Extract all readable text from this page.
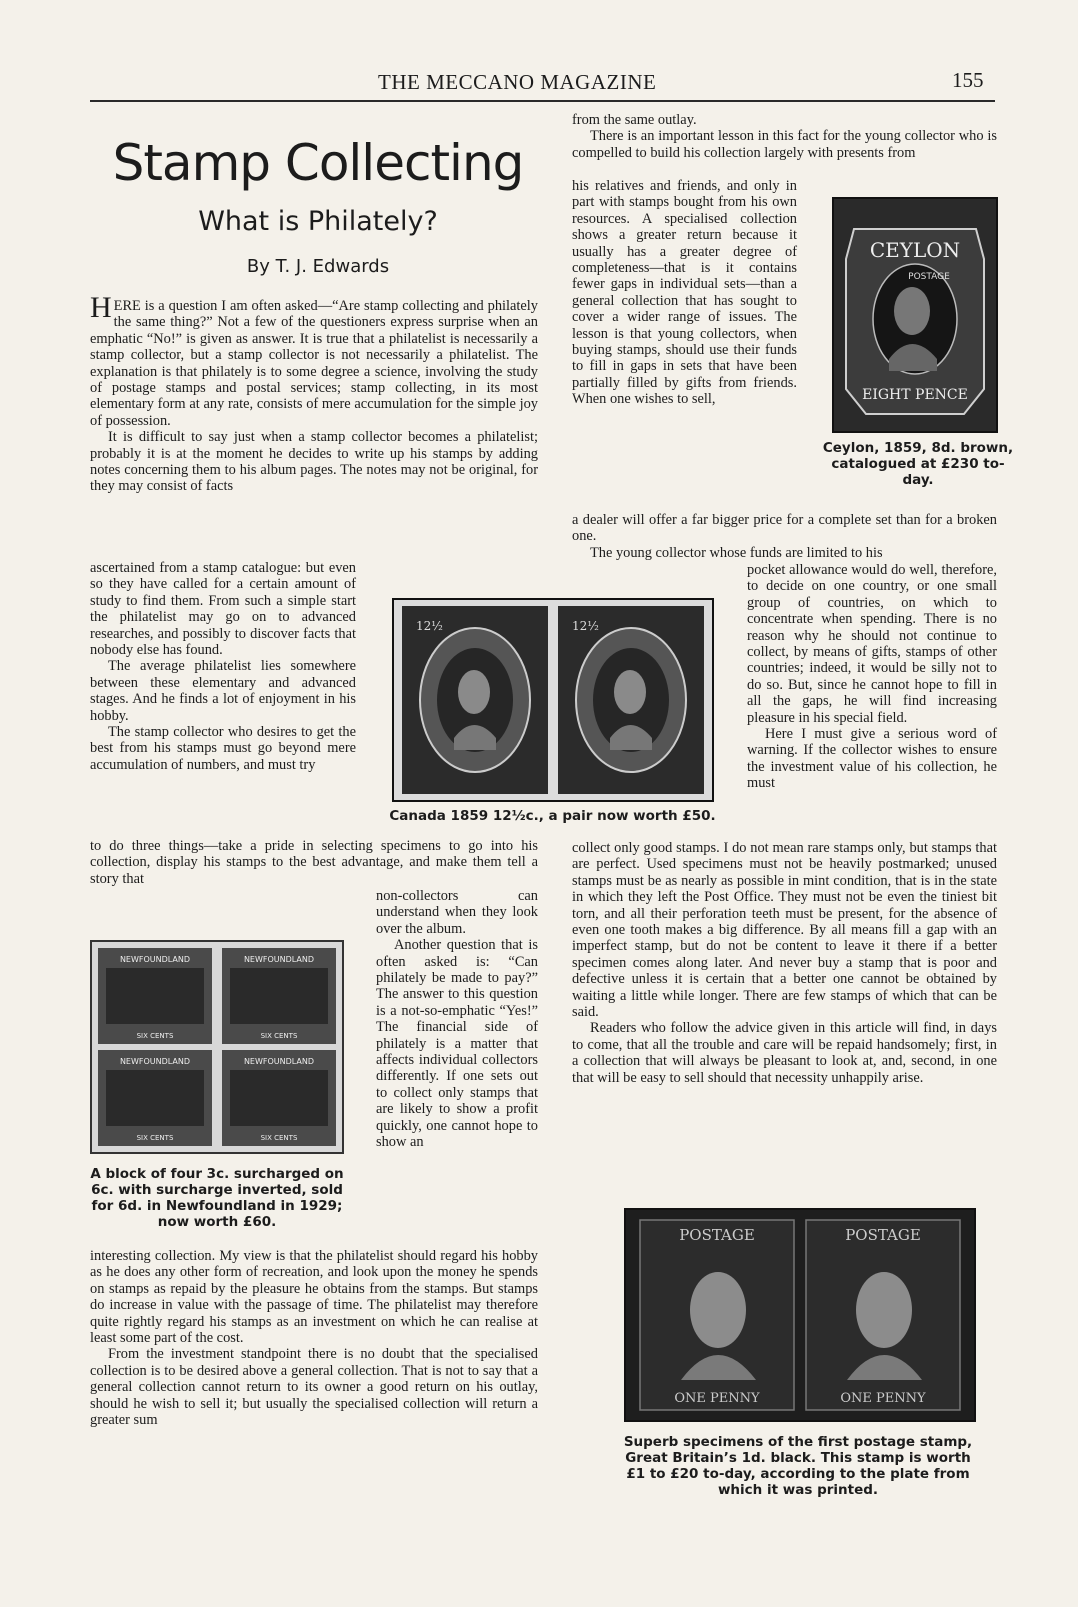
THE MECCANO MAGAZINE	155
Stamp Collecting
What is Philately?
By T. J. Edwards

HERE is a question I am often asked—“Are stamp collecting and philately the same thing?” Not a few of the questioners express surprise when an emphatic “No!” is given as answer. It is true that a philatelist is necessarily a stamp collector, but a stamp collector is not necessarily a philatelist. The explanation is that philately is to some degree a science, involving the study of postage stamps and postal services; stamp collecting, in its most elementary form at any rate, consists of mere accumulation for the simple joy of possession.

It is difficult to say just when a stamp collector becomes a philatelist; probably it is at the moment he decides to write up his stamps by adding notes concerning them to his album pages. The notes may not be original, for they may consist of facts

ascertained from a stamp catalogue: but even so they have called for a certain amount of study to find them. From such a simple start the philatelist may go on to advanced researches, and possibly to discover facts that nobody else has found.

The average philatelist lies somewhere between these elementary and advanced stages. And he finds a lot of enjoyment in his hobby.

The stamp collector who desires to get the best from his stamps must go beyond mere accumulation of numbers, and must try

to do three things—take a pride in selecting specimens to go into his collection, display his stamps to the best advantage, and make them tell a story that

non-collectors can understand when they look over the album.

Another question that is often asked is: “Can philately be made to pay?” The answer to this question is a not-so-emphatic “Yes!” The financial side of philately is a matter that affects individual collectors differently. If one sets out to collect only stamps that are likely to show a profit quickly, one cannot hope to show an

interesting collection. My view is that the philatelist should regard his hobby as he does any other form of recreation, and look upon the money he spends on stamps as repaid by the pleasure he obtains from the stamps. But stamps do increase in value with the passage of time. The philatelist may therefore quite rightly regard his stamps as an investment on which he can realise at least some part of the cost.

From the investment standpoint there is no doubt that the specialised collection is to be desired above a general collection. That is not to say that a general collection cannot return to its owner a good return on his outlay, should he wish to sell it; but usually the specialised collection will return a greater sum

from the same outlay.

There is an important lesson in this fact for the young collector who is compelled to build his collection largely with presents from

his relatives and friends, and only in part with stamps bought from his own resources. A specialised collection shows a greater return because it usually has a greater degree of completeness—that is it contains fewer gaps in individual sets—than a general collection that has sought to cover a wider range of issues. The lesson is that young collectors, when buying stamps, should use their funds to fill in gaps in sets that have been partially filled by gifts from friends. When one wishes to sell,

a dealer will offer a far bigger price for a complete set than for a broken one.

The young collector whose funds are limited to his

pocket allowance would do well, therefore, to decide on one country, or one small group of countries, on which to concentrate when spending. There is no reason why he should not continue to collect, by means of gifts, stamps of other countries; indeed, it would be silly not to do so. But, since he cannot hope to fill in all the gaps, he will find increasing pleasure in his special field.

Here I must give a serious word of warning. If the collector wishes to ensure the investment value of his collection, he must

collect only good stamps. I do not mean rare stamps only, but stamps that are perfect. Used specimens must not be heavily postmarked; unused stamps must be as nearly as possible in mint condition, that is in the state in which they left the Post Office. They must not be even the tiniest bit torn, and all their perforation teeth must be present, for the absence of even one tooth makes a big difference. By all means fill a gap with an imperfect stamp, but do not be content to leave it there if a better specimen comes along later. And never buy a stamp that is poor and defective unless it is certain that a better one cannot be obtained by waiting a little while longer. There are few stamps of which that can be said.

Readers who follow the advice given in this article will find, in days to come, that all the trouble and care will be repaid handsomely; first, in a collection that will always be pleasant to look at, and, second, in one that will be easy to sell should that necessity unhappily arise.

CEYLON
POSTAGE
EIGHT PENCE
Ceylon, 1859, 8d. brown, catalogued at £230 to-day.
12½	12½
Canada 1859 12½c., a pair now worth £50.
NEWFOUNDLAND
SIX CENTS
NEWFOUNDLAND
SIX CENTS
NEWFOUNDLAND
SIX CENTS
NEWFOUNDLAND
SIX CENTS
A block of four 3c. surcharged on 6c. with surcharge inverted, sold for 6d. in Newfoundland in 1929; now worth £60.
POSTAGE
ONE PENNY
POSTAGE
ONE PENNY
Superb specimens of the first postage stamp, Great Britain’s 1d. black. This stamp is worth £1 to £20 to-day, according to the plate from which it was printed.
